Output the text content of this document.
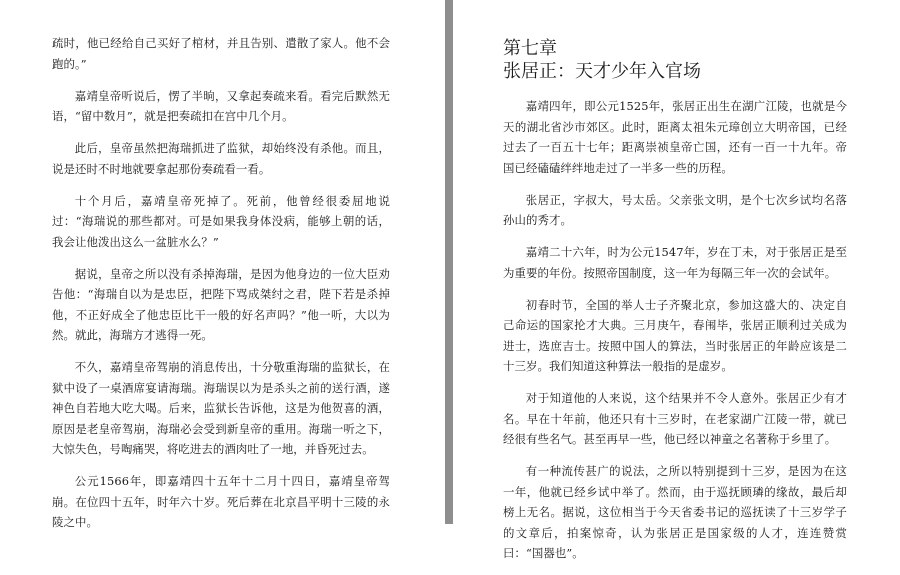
疏时，他已经给自己买好了棺材，并且告别、遣散了家人。他不会跑的。”

嘉靖皇帝听说后，愣了半晌，又拿起奏疏来看。看完后默然无语，“留中数月”，就是把奏疏扣在宫中几个月。

此后，皇帝虽然把海瑞抓进了监狱，却始终没有杀他。而且，说是还时不时地就要拿起那份奏疏看一看。

十个月后，嘉靖皇帝死掉了。死前，他曾经很委屈地说过：“海瑞说的那些都对。可是如果我身体没病，能够上朝的话，我会让他泼出这么一盆脏水么？”

据说，皇帝之所以没有杀掉海瑞，是因为他身边的一位大臣劝告他：“海瑞自以为是忠臣，把陛下骂成桀纣之君，陛下若是杀掉他，不正好成全了他忠臣比干一般的好名声吗？”他一听，大以为然。就此，海瑞方才逃得一死。

不久，嘉靖皇帝驾崩的消息传出，十分敬重海瑞的监狱长，在狱中设了一桌酒席宴请海瑞。海瑞误以为是杀头之前的送行酒，遂神色自若地大吃大喝。后来，监狱长告诉他，这是为他贺喜的酒，原因是老皇帝驾崩，海瑞必会受到新皇帝的重用。海瑞一听之下，大惊失色，号啕痛哭，将吃进去的酒肉吐了一地，并昏死过去。

公元1566年，即嘉靖四十五年十二月十四日，嘉靖皇帝驾崩。在位四十五年，时年六十岁。死后葬在北京昌平明十三陵的永陵之中。

第七章
张居正：天才少年入官场

嘉靖四年，即公元1525年，张居正出生在湖广江陵，也就是今天的湖北省沙市郊区。此时，距离太祖朱元璋创立大明帝国，已经过去了一百五十七年；距离崇祯皇帝亡国，还有一百一十九年。帝国已经磕磕绊绊地走过了一半多一些的历程。

张居正，字叔大，号太岳。父亲张文明，是个七次乡试均名落孙山的秀才。

嘉靖二十六年，时为公元1547年，岁在丁未，对于张居正是至为重要的年份。按照帝国制度，这一年为每隔三年一次的会试年。

初春时节，全国的举人士子齐聚北京，参加这盛大的、决定自己命运的国家抡才大典。三月庚午，春闱毕，张居正顺利过关成为进士，选庶吉士。按照中国人的算法，当时张居正的年龄应该是二十三岁。我们知道这种算法一般指的是虚岁。

对于知道他的人来说，这个结果并不令人意外。张居正少有才名。早在十年前，他还只有十三岁时，在老家湖广江陵一带，就已经很有些名气。甚至再早一些，他已经以神童之名著称于乡里了。

有一种流传甚广的说法，之所以特别提到十三岁，是因为在这一年，他就已经乡试中举了。然而，由于巡抚顾璘的缘故，最后却榜上无名。据说，这位相当于今天省委书记的巡抚读了十三岁学子的文章后，拍案惊奇，认为张居正是国家级的人才，连连赞赏曰：“国器也”。
